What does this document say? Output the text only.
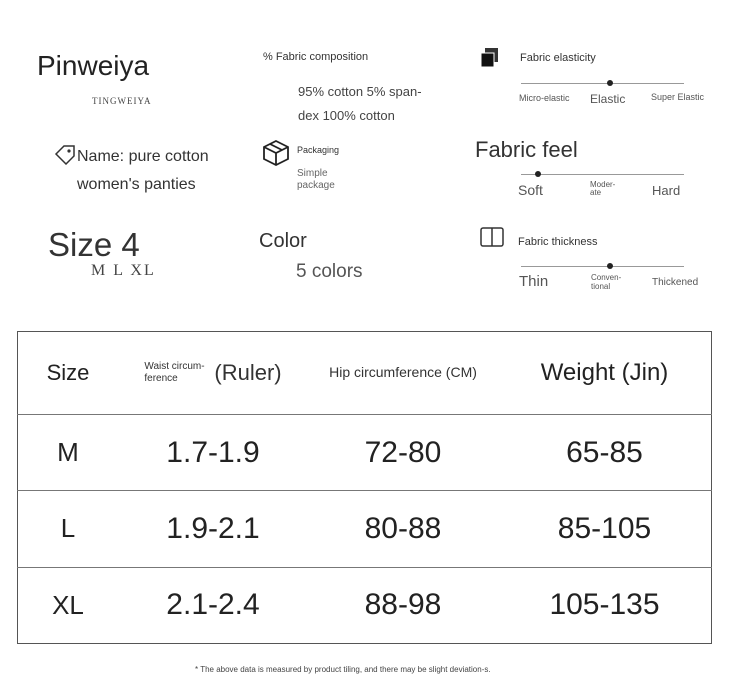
Pinweiya
TINGWEIYA
% Fabric composition
95% cotton 5% span-dex 100% cotton
Fabric elasticity
Micro-elastic Elastic	Super Elastic
Name: pure cotton women's panties
Packaging
Simple package
Fabric feel
Soft	Moder-ate	Hard
Size 4
M L XL
Color
5 colors
Fabric thickness
Thin	Conven-tional	Thickened
Size	Waist circum-ference (Ruler)	Hip circumference (CM)	Weight (Jin)
M	1.7-1.9	72-80	65-85
L	1.9-2.1	80-88	85-105
XL	2.1-2.4	88-98	105-135
* The above data is measured by product tiling, and there may be slight deviation-s.
